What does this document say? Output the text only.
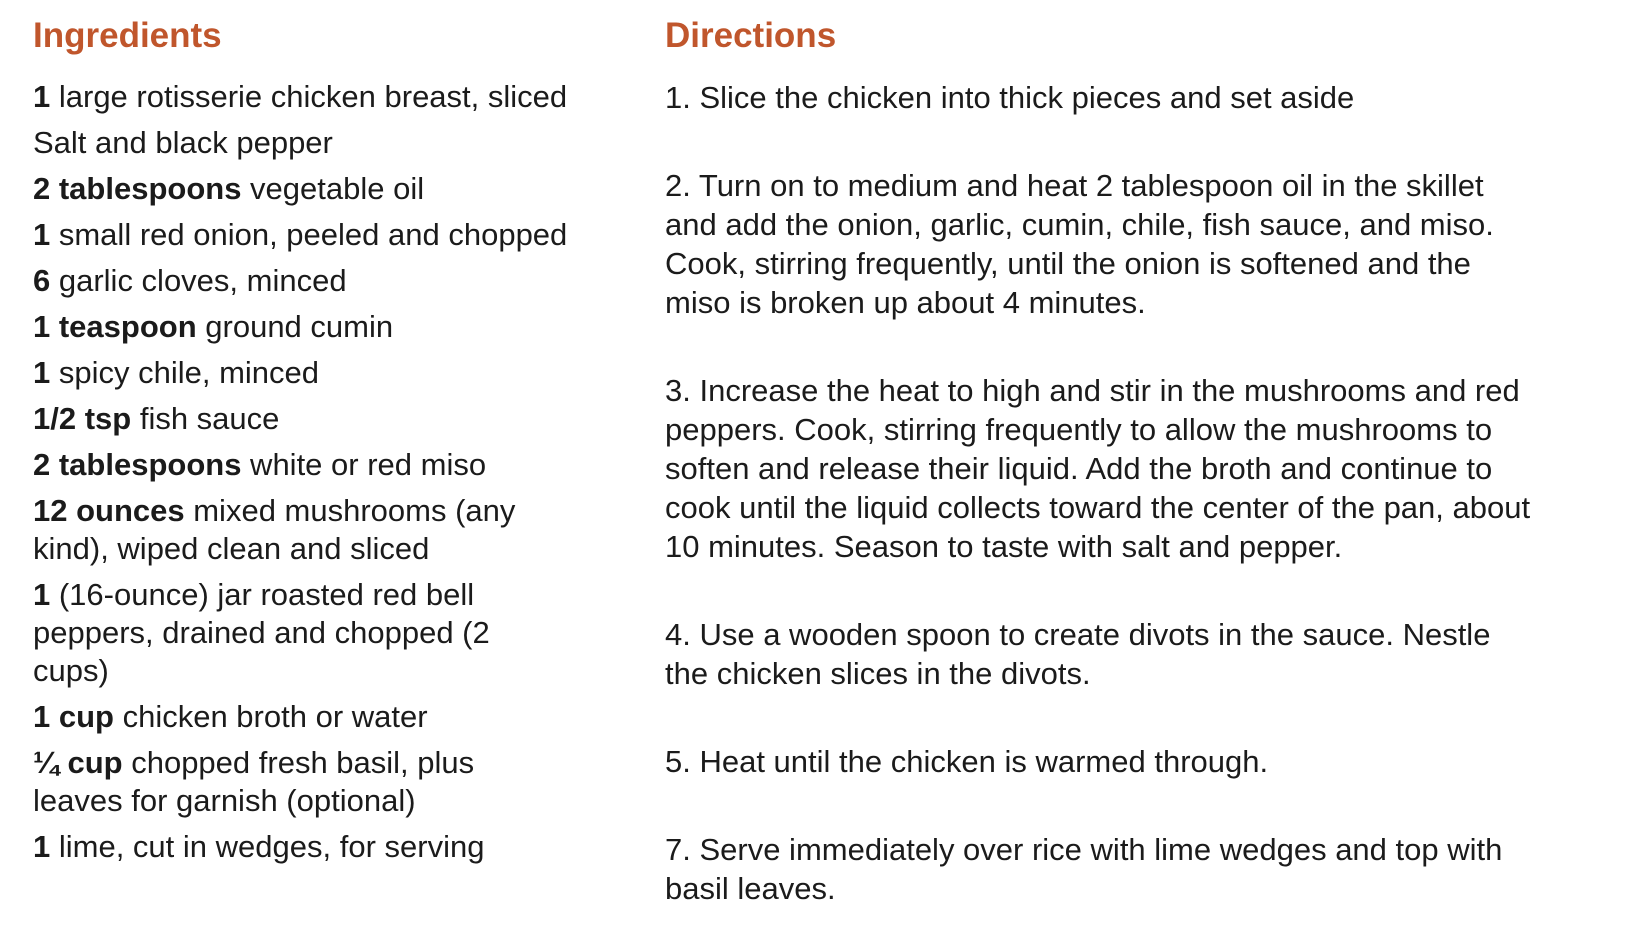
Ingredients
1 large rotisserie chicken breast, sliced
Salt and black pepper
2 tablespoons vegetable oil
1 small red onion, peeled and chopped
6 garlic cloves, minced
1 teaspoon ground cumin
1 spicy chile, minced
1/2 tsp fish sauce
2 tablespoons white or red miso
12 ounces mixed mushrooms (any kind), wiped clean and sliced
1 (16-ounce) jar roasted red bell peppers, drained and chopped (2 cups)
1 cup chicken broth or water
¼ cup chopped fresh basil, plus leaves for garnish (optional)
1 lime, cut in wedges, for serving
Directions

1. Slice the chicken into thick pieces and set aside

2. Turn on to medium and heat 2 tablespoon oil in the skillet and add the onion, garlic, cumin, chile, fish sauce, and miso. Cook, stirring frequently, until the onion is softened and the miso is broken up about 4 minutes.

3. Increase the heat to high and stir in the mushrooms and red peppers. Cook, stirring frequently to allow the mushrooms to soften and release their liquid. Add the broth and continue to cook until the liquid collects toward the center of the pan, about 10 minutes. Season to taste with salt and pepper.

4. Use a wooden spoon to create divots in the sauce. Nestle the chicken slices in the divots.

5. Heat until the chicken is warmed through.

7. Serve immediately over rice with lime wedges and top with basil leaves.
